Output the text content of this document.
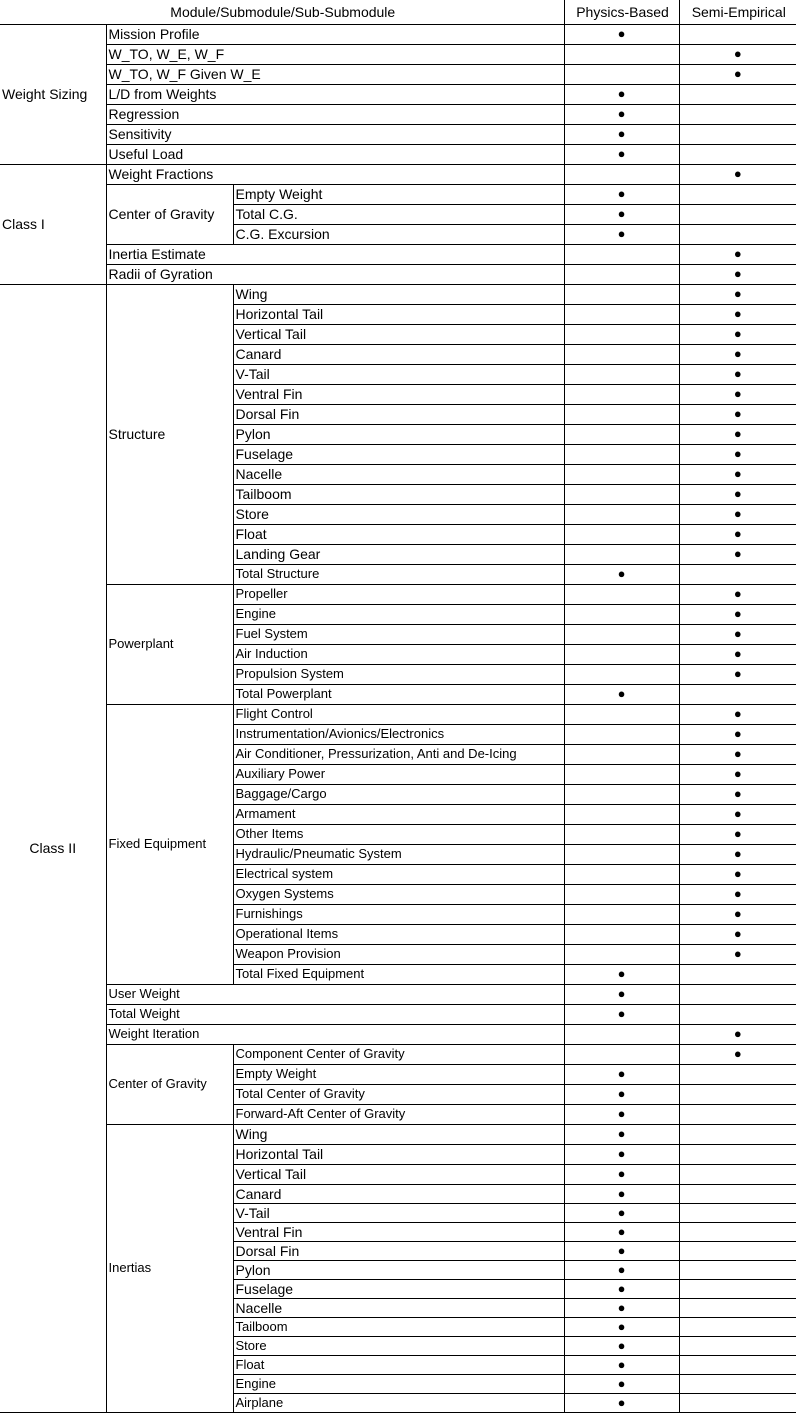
Module/Submodule/Sub-Submodule			Physics-Based	Semi-Empirical
Weight Sizing	Mission Profile		●	
	W_TO, W_E, W_F			●
	W_TO, W_F Given W_E			●
	L/D from Weights		●	
	Regression		●	
	Sensitivity		●	
	Useful Load		●	
Class I	Weight Fractions			●
	Center of Gravity	Empty Weight	●	
		Total C.G.	●	
		C.G. Excursion	●	
	Inertia Estimate			●
	Radii of Gyration			●
Class II	Structure	Wing		●
		Horizontal Tail		●
		Vertical Tail		●
		Canard		●
		V-Tail		●
		Ventral Fin		●
		Dorsal Fin		●
		Pylon		●
		Fuselage		●
		Nacelle		●
		Tailboom		●
		Store		●
		Float		●
		Landing Gear		●
		Total Structure	●	
	Powerplant	Propeller		●
		Engine		●
		Fuel System		●
		Air Induction		●
		Propulsion System		●
		Total Powerplant	●	
	Fixed Equipment	Flight Control		●
		Instrumentation/Avionics/Electronics		●
		Air Conditioner, Pressurization, Anti and De-Icing		●
		Auxiliary Power		●
		Baggage/Cargo		●
		Armament		●
		Other Items		●
		Hydraulic/Pneumatic System		●
		Electrical system		●
		Oxygen Systems		●
		Furnishings		●
		Operational Items		●
		Weapon Provision		●
		Total Fixed Equipment	●	
	User Weight		●	
	Total Weight		●	
	Weight Iteration			●
	Center of Gravity	Component Center of Gravity		●
		Empty Weight	●	
		Total Center of Gravity	●	
		Forward-Aft Center of Gravity	●	
	Inertias	Wing	●	
		Horizontal Tail	●	
		Vertical Tail	●	
		Canard	●	
		V-Tail	●	
		Ventral Fin	●	
		Dorsal Fin	●	
		Pylon	●	
		Fuselage	●	
		Nacelle	●	
		Tailboom	●	
		Store	●	
		Float	●	
		Engine	●	
		Airplane	●	
